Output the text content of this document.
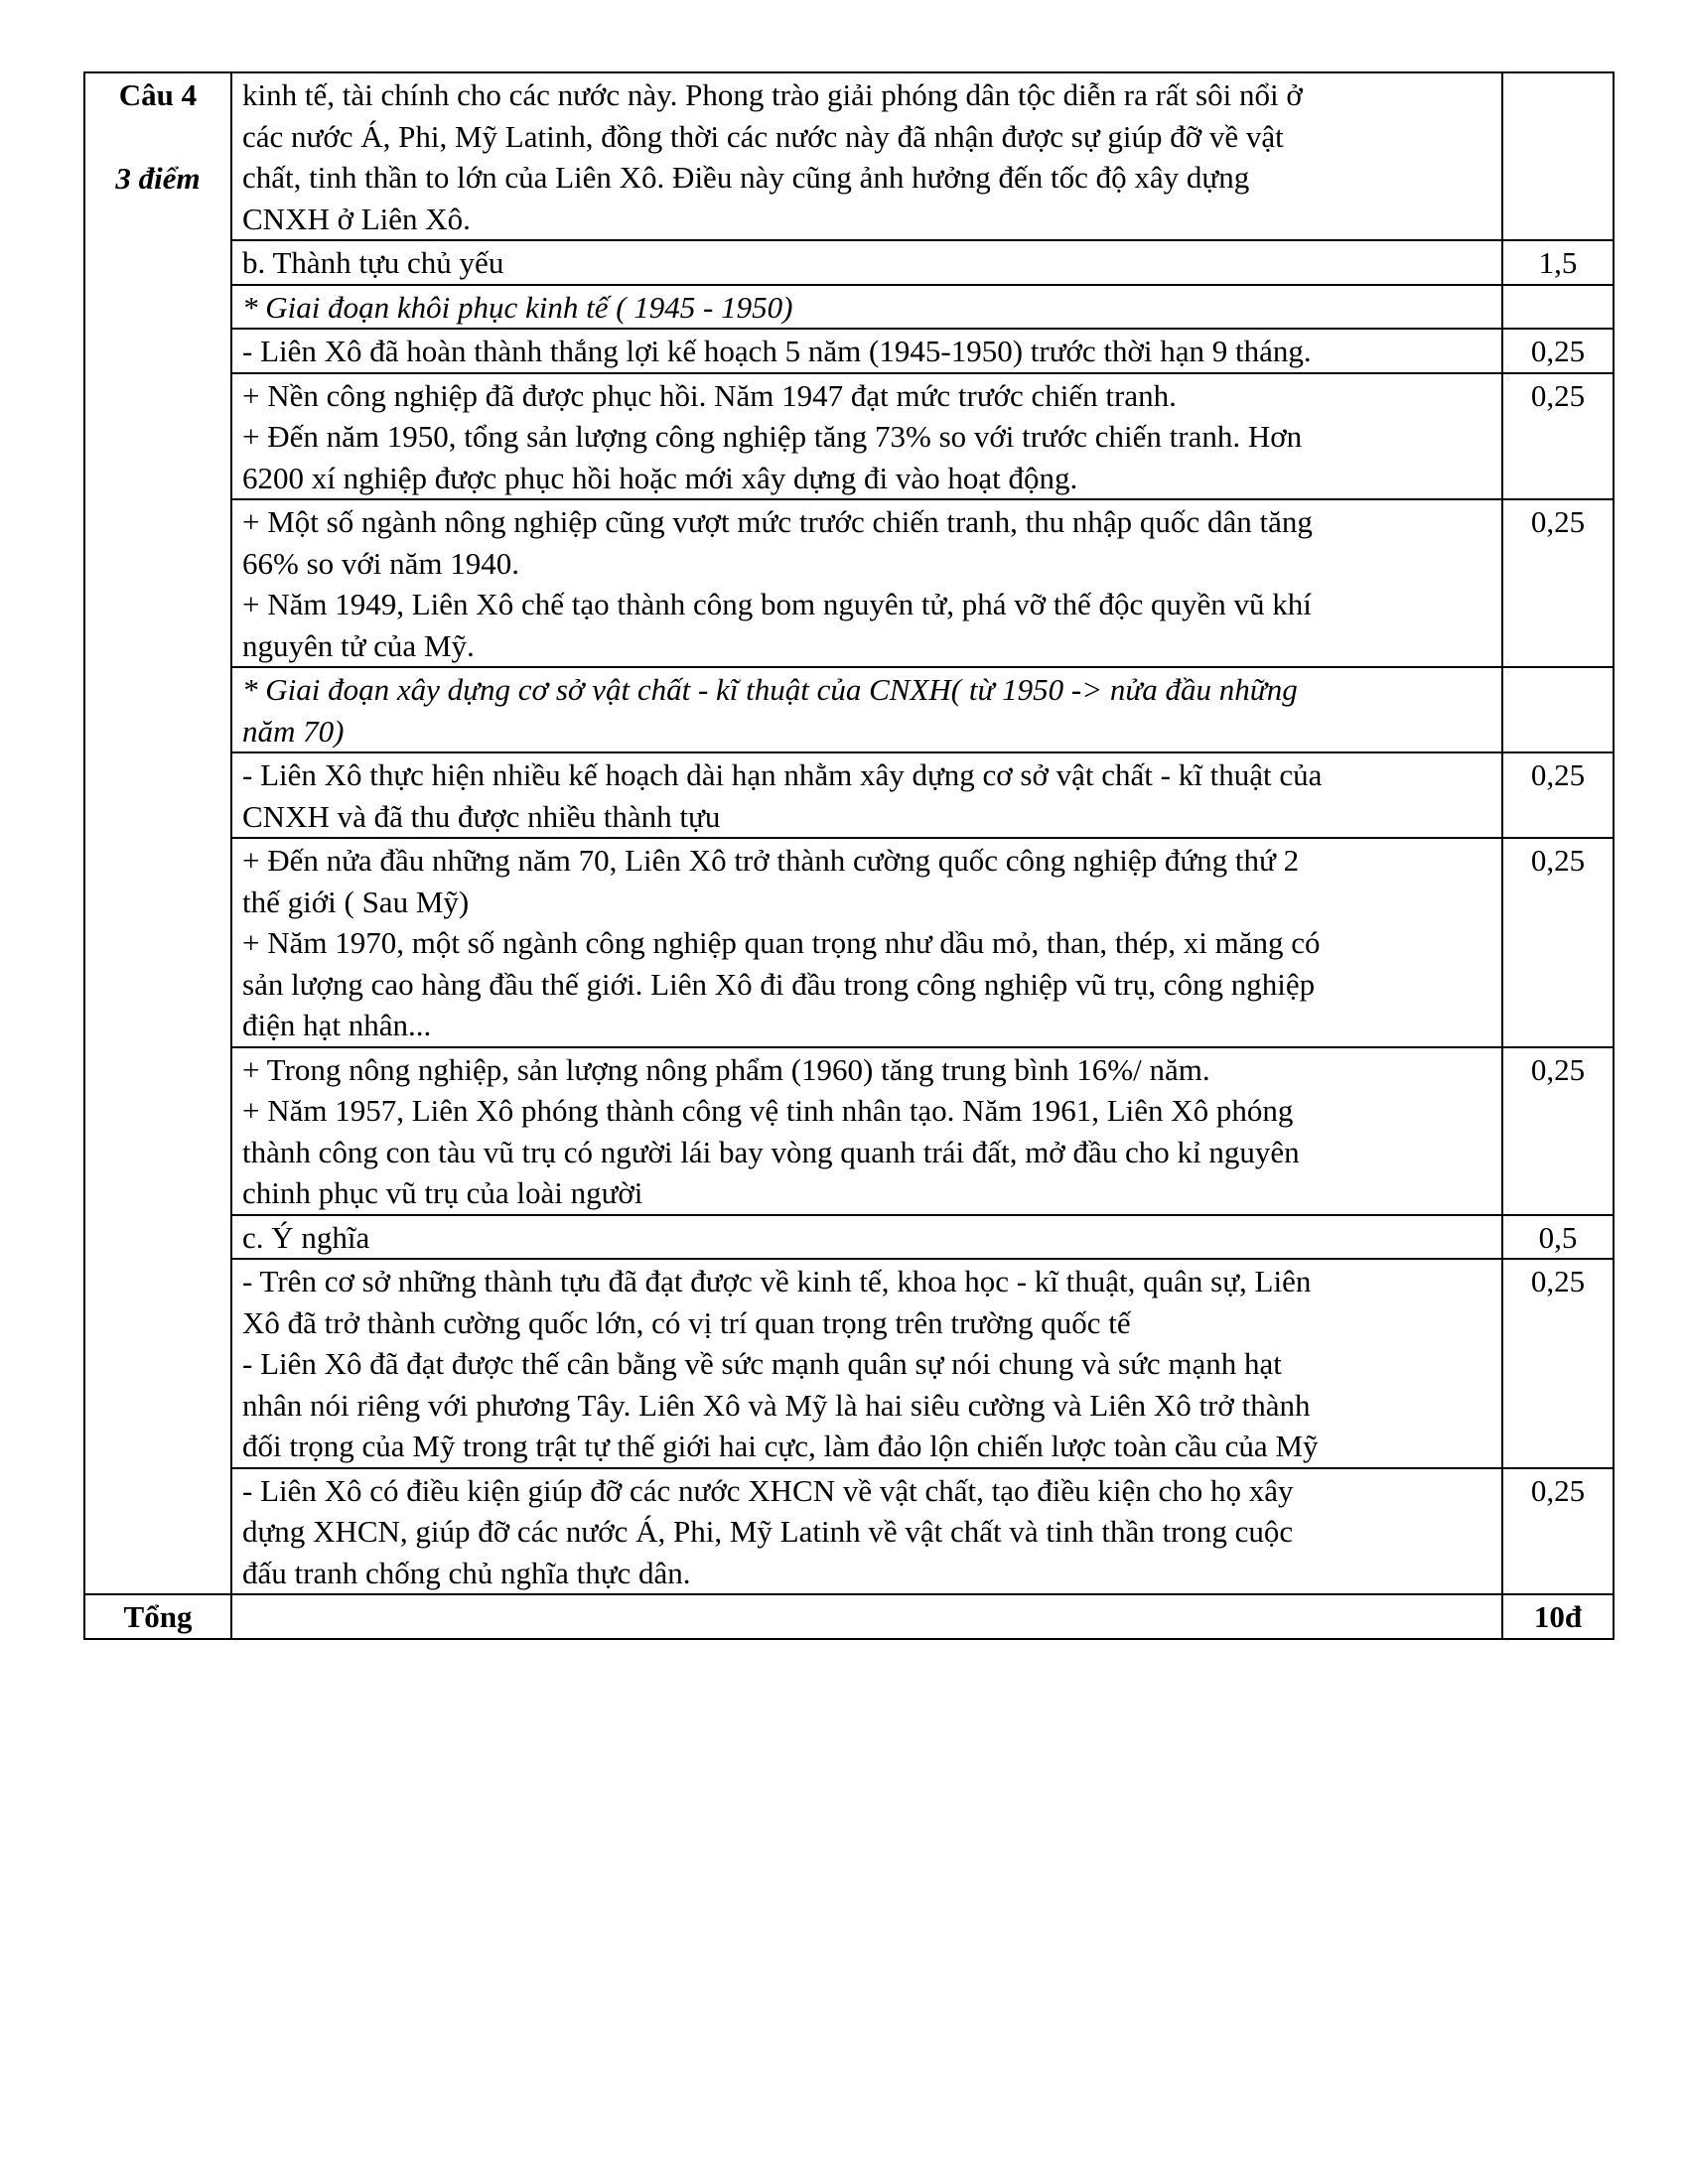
Câu 4
3 điểm	kinh tế, tài chính cho các nước này. Phong trào giải phóng dân tộc diễn ra rất sôi nổi ở
các nước Á, Phi, Mỹ Latinh, đồng thời các nước này đã nhận được sự giúp đỡ về vật
chất, tinh thần to lớn của Liên Xô. Điều này cũng ảnh hưởng đến tốc độ xây dựng
CNXH ở Liên Xô.	

	b. Thành tựu chủ yếu	1,5

	* Giai đoạn khôi phục kinh tế ( 1945 - 1950)	

	- Liên Xô đã hoàn thành thắng lợi kế hoạch 5 năm (1945-1950) trước thời hạn 9 tháng.	0,25

	+ Nền công nghiệp đã được phục hồi. Năm 1947 đạt mức trước chiến tranh.
+ Đến năm 1950, tổng sản lượng công nghiệp tăng 73% so với trước chiến tranh. Hơn
6200 xí nghiệp được phục hồi hoặc mới xây dựng đi vào hoạt động.	0,25

	+ Một số ngành nông nghiệp cũng vượt mức trước chiến tranh, thu nhập quốc dân tăng
66% so với năm 1940.
+ Năm 1949, Liên Xô chế tạo thành công bom nguyên tử, phá vỡ thế độc quyền vũ khí
nguyên tử của Mỹ.	0,25

	* Giai đoạn xây dựng cơ sở vật chất - kĩ thuật của CNXH( từ 1950 -> nửa đầu những
năm 70)	

	- Liên Xô thực hiện nhiều kế hoạch dài hạn nhằm xây dựng cơ sở vật chất - kĩ thuật của
CNXH và đã thu được nhiều thành tựu	0,25

	+ Đến nửa đầu những năm 70, Liên Xô trở thành cường quốc công nghiệp đứng thứ 2
thế giới ( Sau Mỹ)
+ Năm 1970, một số ngành công nghiệp quan trọng như dầu mỏ, than, thép, xi măng có
sản lượng cao hàng đầu thế giới. Liên Xô đi đầu trong công nghiệp vũ trụ, công nghiệp
điện hạt nhân...	0,25

	+ Trong nông nghiệp, sản lượng nông phẩm (1960) tăng trung bình 16%/ năm.
+ Năm 1957, Liên Xô phóng thành công vệ tinh nhân tạo. Năm 1961, Liên Xô phóng
thành công con tàu vũ trụ có người lái bay vòng quanh trái đất, mở đầu cho kỉ nguyên
chinh phục vũ trụ của loài người	0,25

	c. Ý nghĩa	0,5

	- Trên cơ sở những thành tựu đã đạt được về kinh tế, khoa học - kĩ thuật, quân sự, Liên
Xô đã trở thành cường quốc lớn, có vị trí quan trọng trên trường quốc tế
- Liên Xô đã đạt được thế cân bằng về sức mạnh quân sự nói chung và sức mạnh hạt
nhân nói riêng với phương Tây. Liên Xô và Mỹ là hai siêu cường và Liên Xô trở thành
đối trọng của Mỹ trong trật tự thế giới hai cực, làm đảo lộn chiến lược toàn cầu của Mỹ	0,25

	- Liên Xô có điều kiện giúp đỡ các nước XHCN về vật chất, tạo điều kiện cho họ xây
dựng XHCN, giúp đỡ các nước Á, Phi, Mỹ Latinh về vật chất và tinh thần trong cuộc
đấu tranh chống chủ nghĩa thực dân.	0,25
Tổng		10đ
